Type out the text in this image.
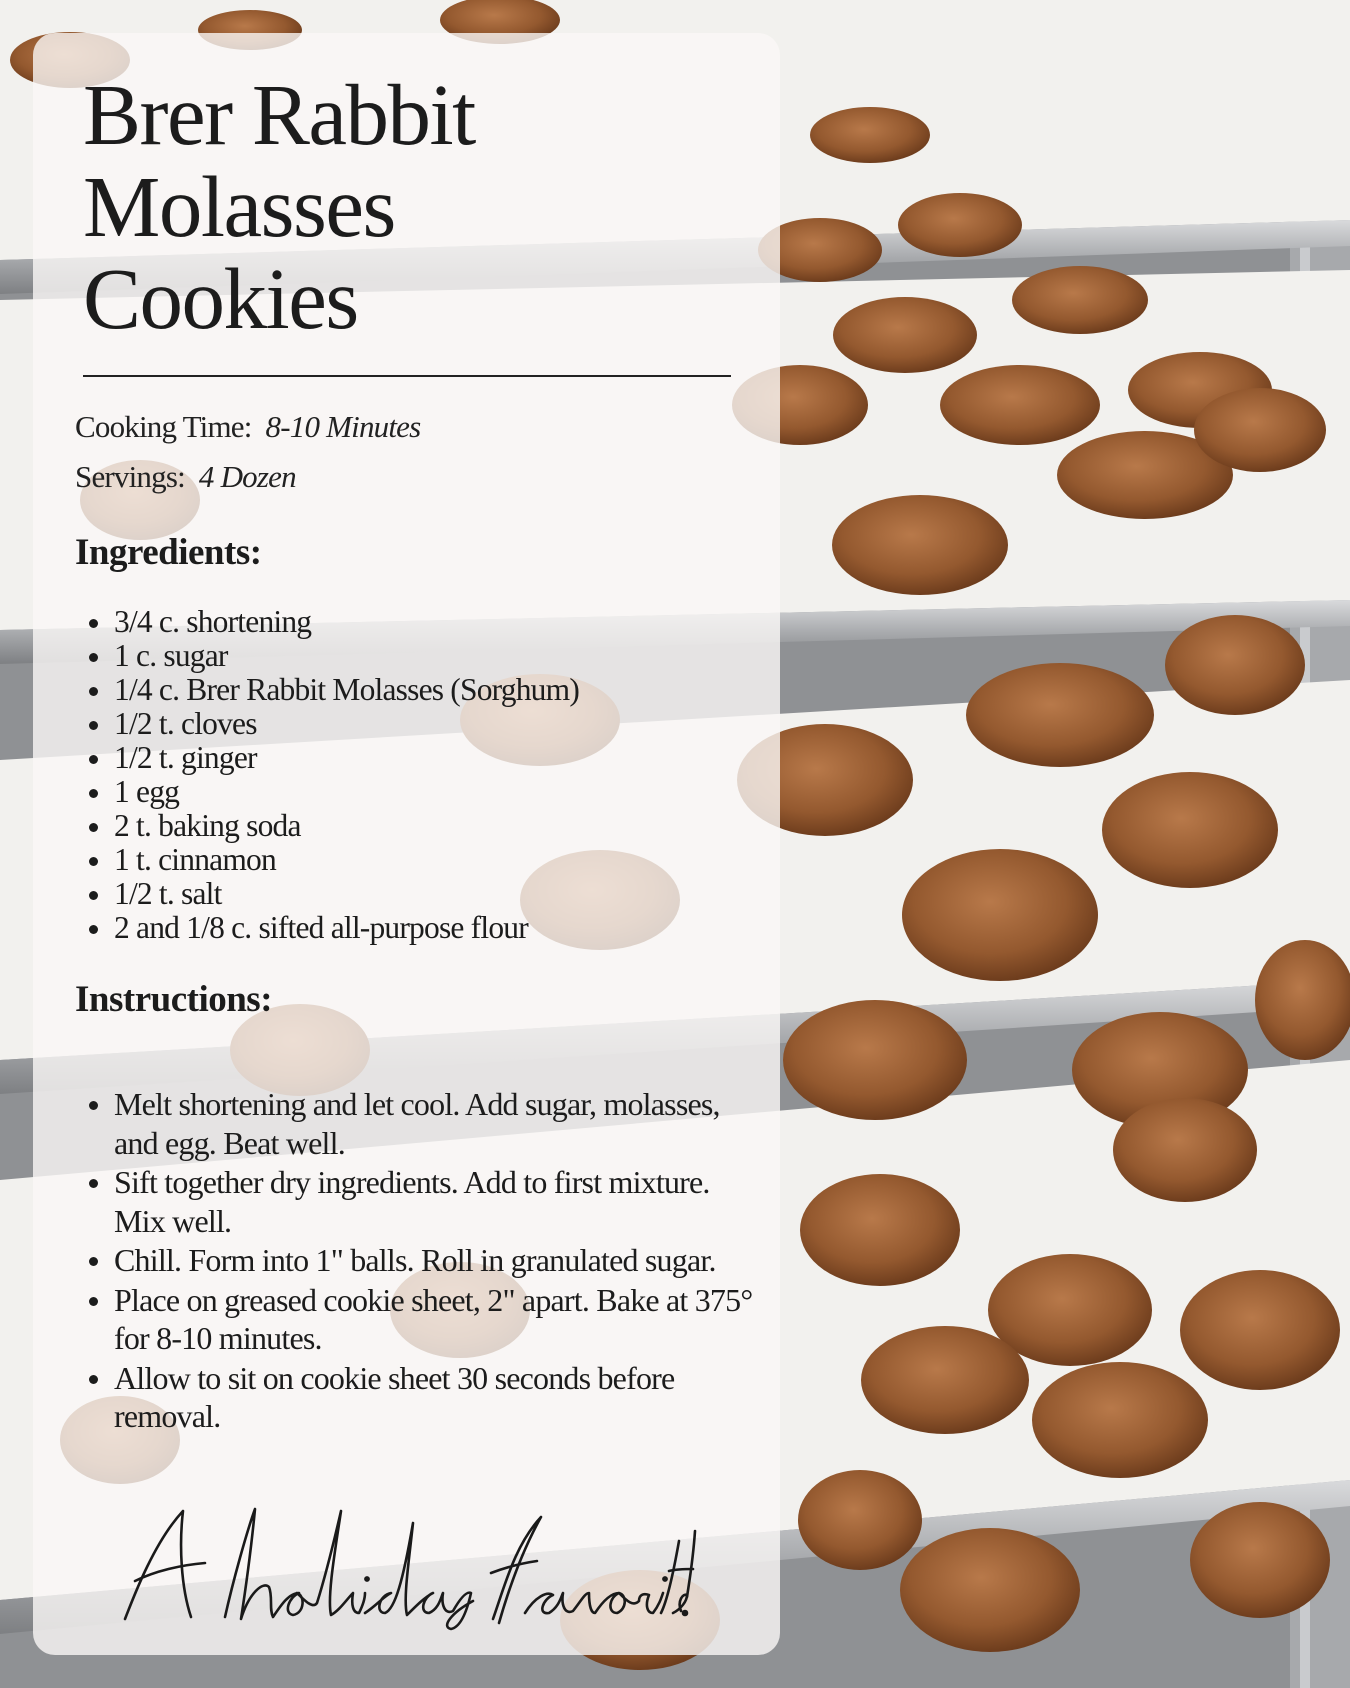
Brer Rabbit
Molasses
Cookies
Cooking Time: 8-10 Minutes
Servings: 4 Dozen
Ingredients:
3/4 c. shortening
1 c. sugar
1/4 c. Brer Rabbit Molasses (Sorghum)
1/2 t. cloves
1/2 t. ginger
1 egg
2 t. baking soda
1 t. cinnamon
1/2 t. salt
2 and 1/8 c. sifted all-purpose flour
Instructions:
Melt shortening and let cool. Add sugar, molasses, and egg. Beat well.
Sift together dry ingredients. Add to first mixture. Mix well.
Chill. Form into 1" balls. Roll in granulated sugar.
Place on greased cookie sheet, 2" apart. Bake at 375° for 8-10 minutes.
Allow to sit on cookie sheet 30 seconds before removal.
